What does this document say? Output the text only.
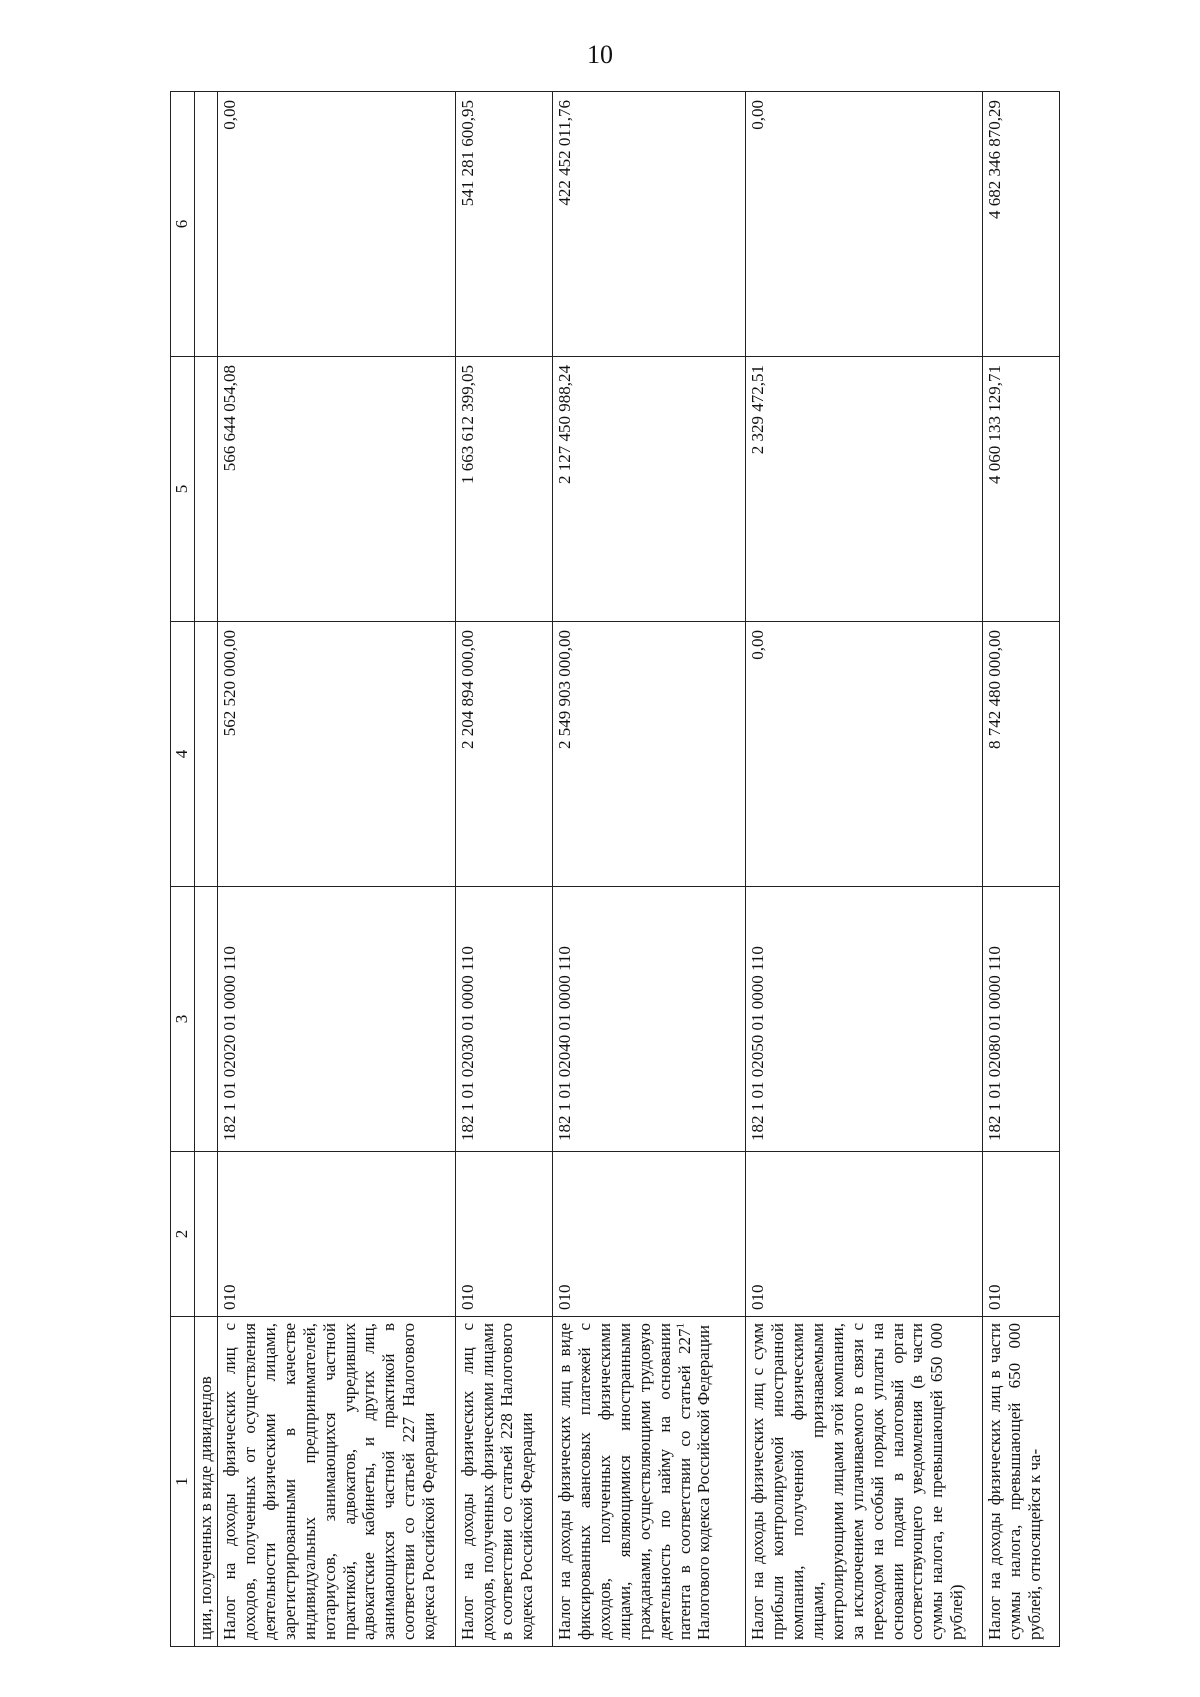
10
1	2	3	4	5	6
ции, полученных в виде дивидендов					
Налог на доходы физических лиц с доходов, полученных от осуществления деятельности физическими лицами, зарегистрированными в качестве индивидуальных предпринимателей, нотариусов, занимающихся частной практикой, адвокатов, учредивших адвокатские кабинеты, и других лиц, занимающихся частной практикой в соответствии со статьей 227 Налогового кодекса Российской Федерации	010	182 1 01 02020 01 0000 110	562 520 000,00	566 644 054,08	0,00
Налог на доходы физических лиц с доходов, полученных физическими лицами в соответствии со статьей 228 Налогового кодекса Российской Федерации	010	182 1 01 02030 01 0000 110	2 204 894 000,00	1 663 612 399,05	541 281 600,95
Налог на доходы физических лиц в виде фиксированных авансовых платежей с доходов, полученных физическими лицами, являющимися иностранными гражданами, осуществляющими трудовую деятельность по найму на основании патента в соответствии со статьей $227^1$ Налогового кодекса Российской Федерации	010	182 1 01 02040 01 0000 110	2 549 903 000,00	2 127 450 988,24	422 452 011,76
Налог на доходы физических лиц с сумм прибыли контролируемой иностранной компании, полученной физическими лицами, признаваемыми контролирующими лицами этой компании, за исключением уплачиваемого в связи с переходом на особый порядок уплаты на основании подачи в налоговый орган соответствующего уведомления (в части суммы налога, не превышающей 650 000 рублей)	010	182 1 01 02050 01 0000 110	0,00	2 329 472,51	0,00
Налог на доходы физических лиц в части суммы налога, превышающей 650 000 рублей, относящейся к ча-	010	182 1 01 02080 01 0000 110	8 742 480 000,00	4 060 133 129,71	4 682 346 870,29
